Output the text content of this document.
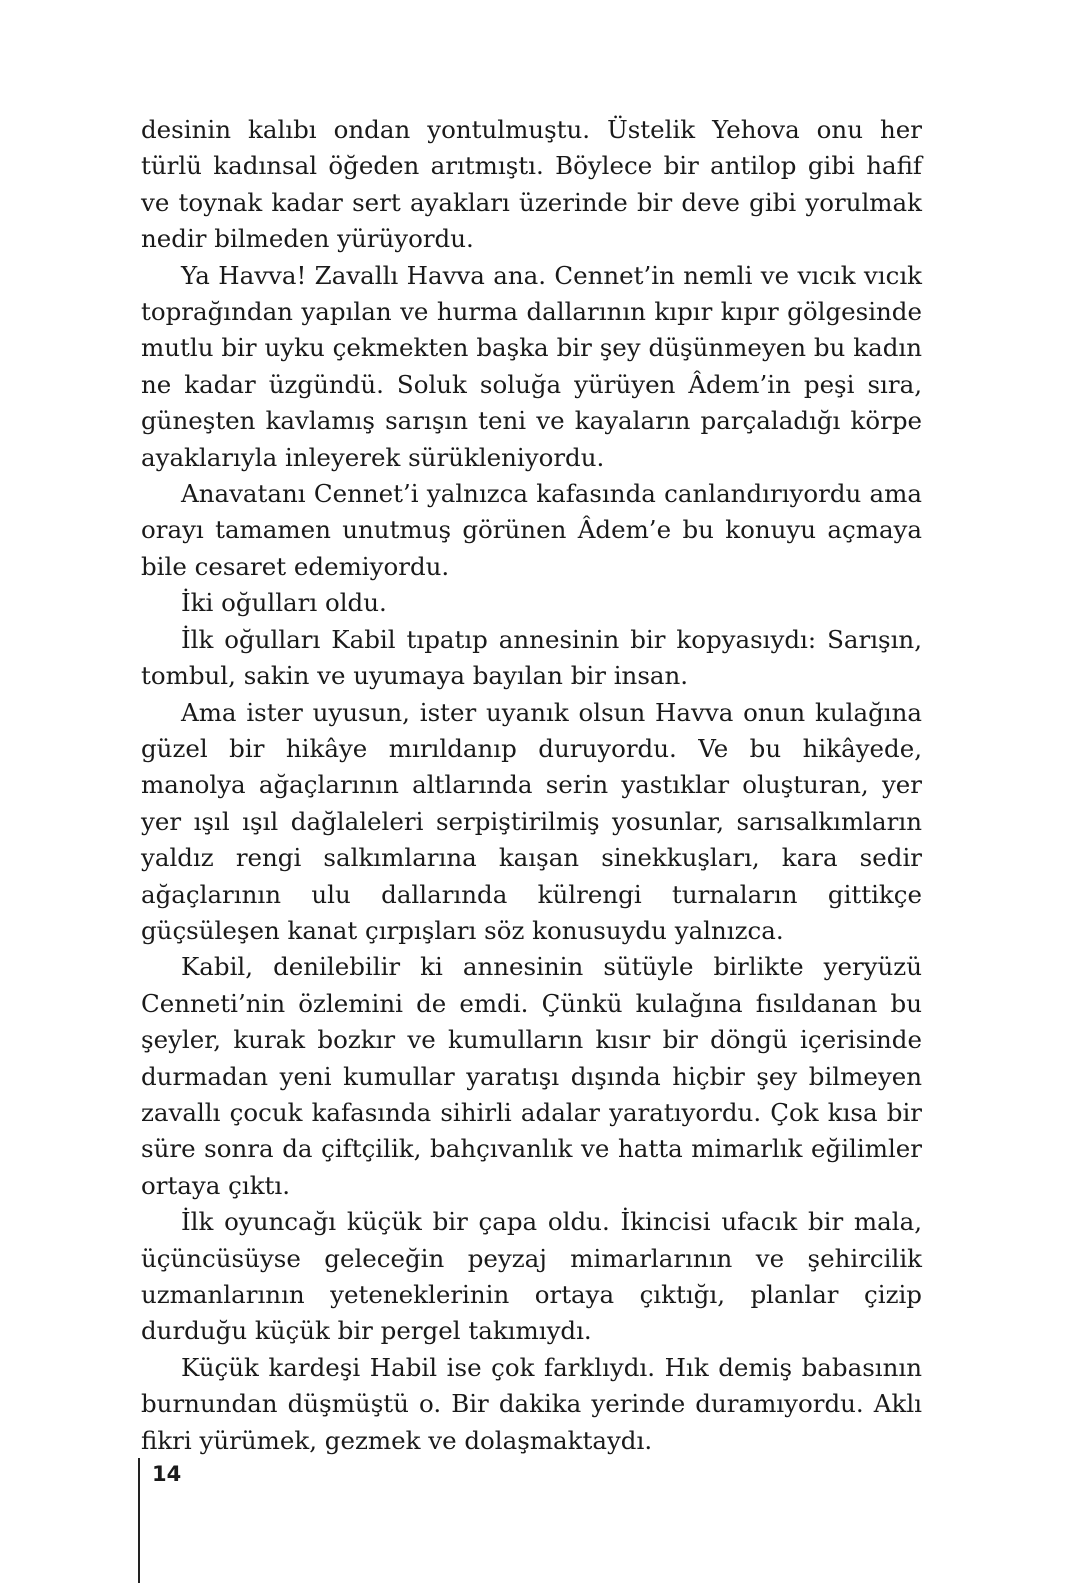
desinin kalıbı ondan yontulmuştu. Üstelik Yehova onu her türlü kadınsal öğeden arıtmıştı. Böylece bir antilop gibi hafif ve toynak kadar sert ayakları üzerinde bir deve gibi yorulmak nedir bilmeden yürüyordu.

Ya Havva! Zavallı Havva ana. Cennet’in nemli ve vıcık vıcık toprağından yapılan ve hurma dallarının kıpır kıpır gölgesinde mutlu bir uyku çekmekten başka bir şey düşünmeyen bu kadın ne kadar üzgündü. Soluk soluğa yürüyen Âdem’in peşi sıra, güneşten kavlamış sarışın teni ve kayaların parçaladığı körpe ayaklarıyla inleyerek sürükleniyordu.

Anavatanı Cennet’i yalnızca kafasında canlandırıyordu ama orayı tamamen unutmuş görünen Âdem’e bu konuyu açmaya bile cesaret edemiyordu.

İki oğulları oldu.

İlk oğulları Kabil tıpatıp annesinin bir kopyasıydı: Sarışın, tombul, sakin ve uyumaya bayılan bir insan.

Ama ister uyusun, ister uyanık olsun Havva onun kulağına güzel bir hikâye mırıldanıp duruyordu. Ve bu hikâyede, manolya ağaçlarının altlarında serin yastıklar oluşturan, yer yer ışıl ışıl dağlaleleri serpiştirilmiş yosunlar, sarısalkımların yaldız rengi salkımlarına kaışan sinekkuşları, kara sedir ağaçlarının ulu dallarında külrengi turnaların gittikçe güçsüleşen kanat çırpışları söz konusuydu yalnızca.

Kabil, denilebilir ki annesinin sütüyle birlikte yeryüzü Cenneti’nin özlemini de emdi. Çünkü kulağına fısıldanan bu şeyler, kurak bozkır ve kumulların kısır bir döngü içerisinde durmadan yeni kumullar yaratışı dışında hiçbir şey bilmeyen zavallı çocuk kafasında sihirli adalar yaratıyordu. Çok kısa bir süre sonra da çiftçilik, bahçıvanlık ve hatta mimarlık eğilimler ortaya çıktı.

İlk oyuncağı küçük bir çapa oldu. İkincisi ufacık bir mala, üçüncüsüyse geleceğin peyzaj mimarlarının ve şehircilik uzmanlarının yeteneklerinin ortaya çıktığı, planlar çizip durduğu küçük bir pergel takımıydı.

Küçük kardeşi Habil ise çok farklıydı. Hık demiş babasının burnundan düşmüştü o. Bir dakika yerinde duramıyordu. Aklı fikri yürümek, gezmek ve dolaşmaktaydı.

14
